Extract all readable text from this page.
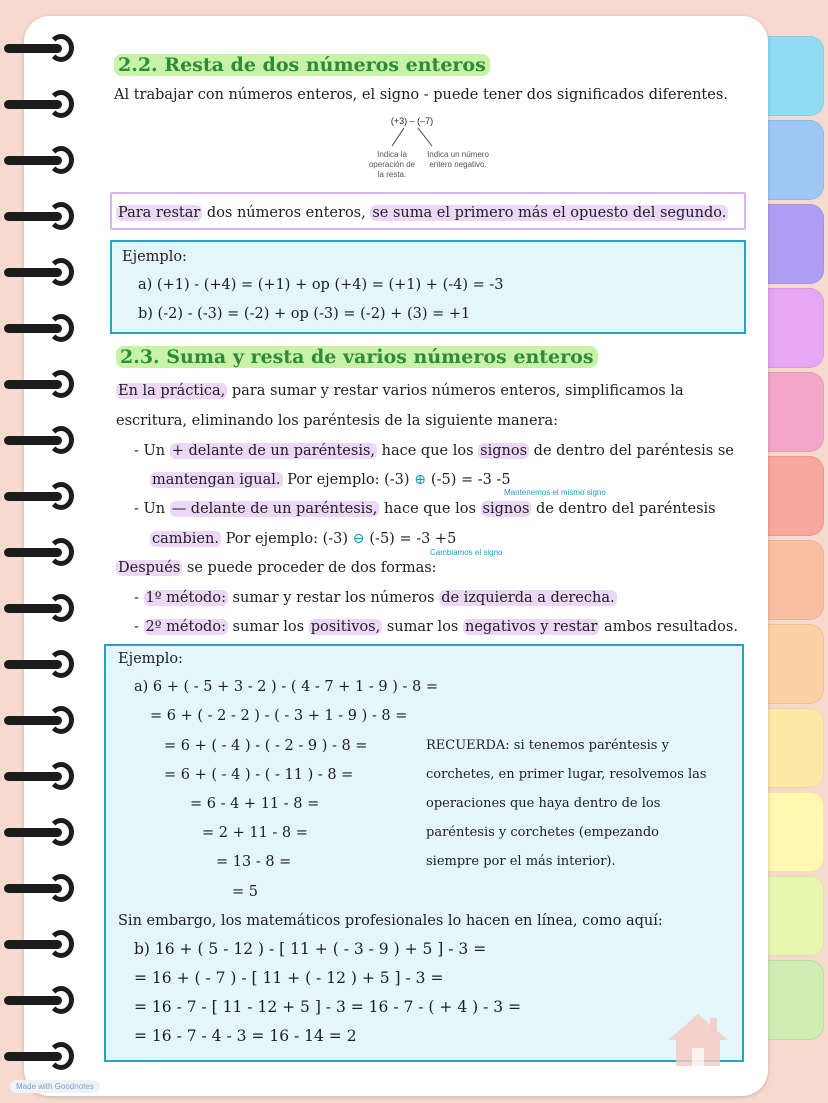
2.2. Resta de dos números enteros
Al trabajar con números enteros, el signo - puede tener dos significados diferentes.
(+3) – (–7)
Indica la operación de la resta.
Indica un número entero negativo.
Para restar dos números enteros, se suma el primero más el opuesto del segundo.
Ejemplo:
a) (+1) - (+4) = (+1) + op (+4) = (+1) + (-4) = -3
b) (-2) - (-3) = (-2) + op (-3) = (-2) + (3) = +1
2.3. Suma y resta de varios números enteros
En la práctica, para sumar y restar varios números enteros, simplificamos la
escritura, eliminando los paréntesis de la siguiente manera:
- Un + delante de un paréntesis, hace que los signos de dentro del paréntesis se
mantengan igual. Por ejemplo: (-3) ⊕ (-5) = -3 -5
Mantenemos el mismo signo
- Un — delante de un paréntesis, hace que los signos de dentro del paréntesis
cambien. Por ejemplo: (-3) ⊖ (-5) = -3 +5
Cambiamos el signo
Después se puede proceder de dos formas:
- 1º método: sumar y restar los números de izquierda a derecha.
- 2º método: sumar los positivos, sumar los negativos y restar ambos resultados.
Ejemplo:
a) 6 + ( - 5 + 3 - 2 ) - ( 4 - 7 + 1 - 9 ) - 8 =
= 6 + ( - 2 - 2 ) - ( - 3 + 1 - 9 ) - 8 =
= 6 + ( - 4 ) - ( - 2 - 9 ) - 8 =
= 6 + ( - 4 ) - ( - 11 ) - 8 =
= 6 - 4 + 11 - 8 =
= 2 + 11 - 8 =
= 13 - 8 =
= 5
RECUERDA: si tenemos paréntesis y
corchetes, en primer lugar, resolvemos las
operaciones que haya dentro de los
paréntesis y corchetes (empezando
siempre por el más interior).
Sin embargo, los matemáticos profesionales lo hacen en línea, como aquí:
b) 16 + ( 5 - 12 ) - [ 11 + ( - 3 - 9 ) + 5 ] - 3 =
= 16 + ( - 7 ) - [ 11 + ( - 12 ) + 5 ] - 3 =
= 16 - 7 - [ 11 - 12 + 5 ] - 3 = 16 - 7 - ( + 4 ) - 3 =
= 16 - 7 - 4 - 3 = 16 - 14 = 2
Made with Goodnotes
